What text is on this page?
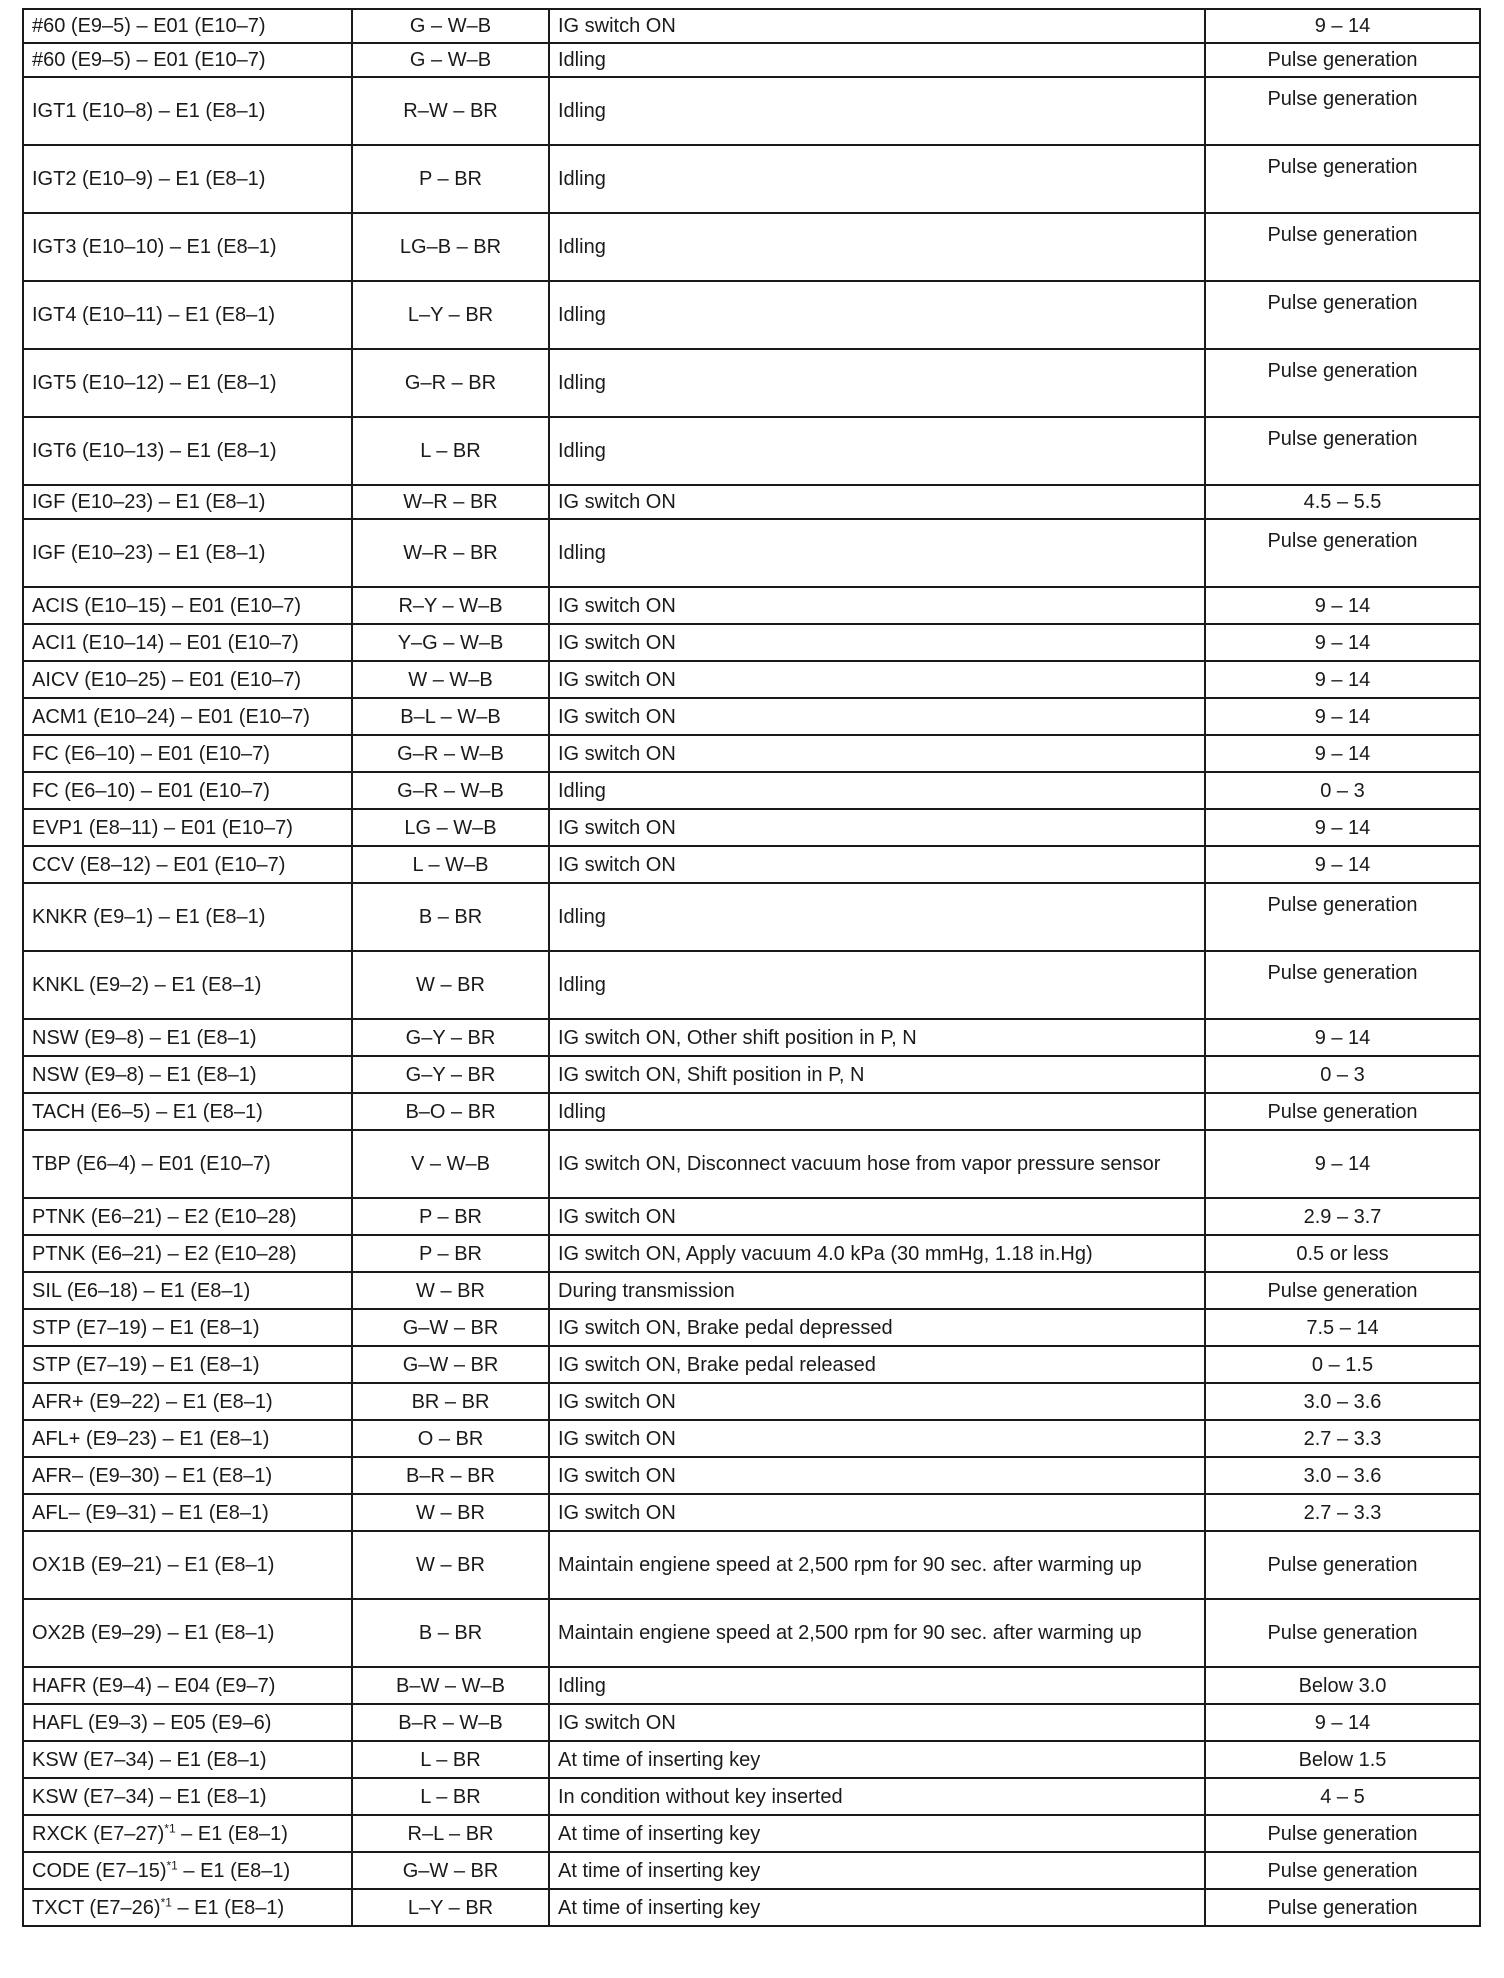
#60 (E9–5) – E01 (E10–7)	G – W–B	IG switch ON	9 – 14
#60 (E9–5) – E01 (E10–7)	G – W–B	Idling	Pulse generation
IGT1 (E10–8) – E1 (E8–1)	R–W – BR	Idling	Pulse generation
IGT2 (E10–9) – E1 (E8–1)	P – BR	Idling	Pulse generation
IGT3 (E10–10) – E1 (E8–1)	LG–B – BR	Idling	Pulse generation
IGT4 (E10–11) – E1 (E8–1)	L–Y – BR	Idling	Pulse generation
IGT5 (E10–12) – E1 (E8–1)	G–R – BR	Idling	Pulse generation
IGT6 (E10–13) – E1 (E8–1)	L – BR	Idling	Pulse generation
IGF (E10–23) – E1 (E8–1)	W–R – BR	IG switch ON	4.5 – 5.5
IGF (E10–23) – E1 (E8–1)	W–R – BR	Idling	Pulse generation
ACIS (E10–15) – E01 (E10–7)	R–Y – W–B	IG switch ON	9 – 14
ACI1 (E10–14) – E01 (E10–7)	Y–G – W–B	IG switch ON	9 – 14
AICV (E10–25) – E01 (E10–7)	W – W–B	IG switch ON	9 – 14
ACM1 (E10–24) – E01 (E10–7)	B–L – W–B	IG switch ON	9 – 14
FC (E6–10) – E01 (E10–7)	G–R – W–B	IG switch ON	9 – 14
FC (E6–10) – E01 (E10–7)	G–R – W–B	Idling	0 – 3
EVP1 (E8–11) – E01 (E10–7)	LG – W–B	IG switch ON	9 – 14
CCV (E8–12) – E01 (E10–7)	L – W–B	IG switch ON	9 – 14
KNKR (E9–1) – E1 (E8–1)	B – BR	Idling	Pulse generation
KNKL (E9–2) – E1 (E8–1)	W – BR	Idling	Pulse generation
NSW (E9–8) – E1 (E8–1)	G–Y – BR	IG switch ON, Other shift position in P, N	9 – 14
NSW (E9–8) – E1 (E8–1)	G–Y – BR	IG switch ON, Shift position in P, N	0 – 3
TACH (E6–5) – E1 (E8–1)	B–O – BR	Idling	Pulse generation
TBP (E6–4) – E01 (E10–7)	V – W–B	IG switch ON, Disconnect vacuum hose from vapor pressure sensor	9 – 14
PTNK (E6–21) – E2 (E10–28)	P – BR	IG switch ON	2.9 – 3.7
PTNK (E6–21) – E2 (E10–28)	P – BR	IG switch ON, Apply vacuum 4.0 kPa (30 mmHg, 1.18 in.Hg)	0.5 or less
SIL (E6–18) – E1 (E8–1)	W – BR	During transmission	Pulse generation
STP (E7–19) – E1 (E8–1)	G–W – BR	IG switch ON, Brake pedal depressed	7.5 – 14
STP (E7–19) – E1 (E8–1)	G–W – BR	IG switch ON, Brake pedal released	0 – 1.5
AFR+ (E9–22) – E1 (E8–1)	BR – BR	IG switch ON	3.0 – 3.6
AFL+ (E9–23) – E1 (E8–1)	O – BR	IG switch ON	2.7 – 3.3
AFR– (E9–30) – E1 (E8–1)	B–R – BR	IG switch ON	3.0 – 3.6
AFL– (E9–31) – E1 (E8–1)	W – BR	IG switch ON	2.7 – 3.3
OX1B (E9–21) – E1 (E8–1)	W – BR	Maintain engiene speed at 2,500 rpm for 90 sec. after warming up	Pulse generation
OX2B (E9–29) – E1 (E8–1)	B – BR	Maintain engiene speed at 2,500 rpm for 90 sec. after warming up	Pulse generation
HAFR (E9–4) – E04 (E9–7)	B–W – W–B	Idling	Below 3.0
HAFL (E9–3) – E05 (E9–6)	B–R – W–B	IG switch ON	9 – 14
KSW (E7–34) – E1 (E8–1)	L – BR	At time of inserting key	Below 1.5
KSW (E7–34) – E1 (E8–1)	L – BR	In condition without key inserted	4 – 5
RXCK $(E7-27)^{*1} - E1$ (E8–1)	R–L – BR	At time of inserting key	Pulse generation
CODE $(E7-15)^{*1} - E1$ (E8–1)	G–W – BR	At time of inserting key	Pulse generation
TXCT $(E7-26)^{*1} - E1$ (E8–1)	L–Y – BR	At time of inserting key	Pulse generation
